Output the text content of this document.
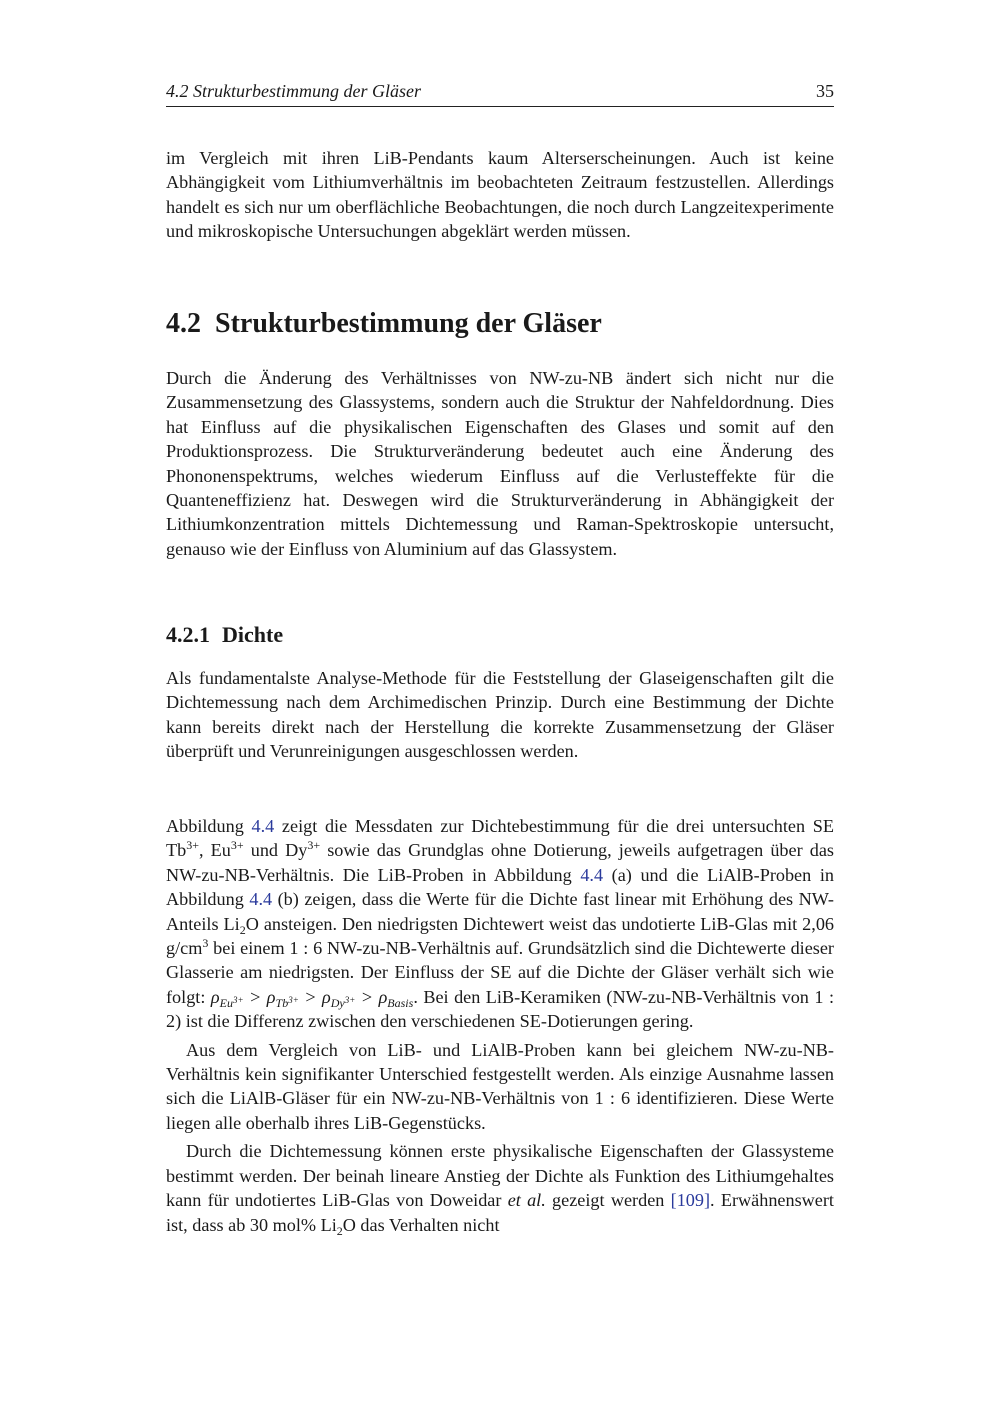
4.2 Strukturbestimmung der Gläser	35

im Vergleich mit ihren LiB-Pendants kaum Alterserscheinungen. Auch ist keine Abhängigkeit vom Lithiumverhältnis im beobachteten Zeitraum festzustellen. Allerdings handelt es sich nur um oberflächliche Beobachtungen, die noch durch Langzeitexperimente und mikroskopische Untersuchungen abgeklärt werden müssen.

4.2 Strukturbestimmung der Gläser

Durch die Änderung des Verhältnisses von NW-zu-NB ändert sich nicht nur die Zusammensetzung des Glassystems, sondern auch die Struktur der Nahfeldordnung. Dies hat Einfluss auf die physikalischen Eigenschaften des Glases und somit auf den Produktionsprozess. Die Strukturveränderung bedeutet auch eine Änderung des Phononenspektrums, welches wiederum Einfluss auf die Verlusteffekte für die Quanteneffizienz hat. Deswegen wird die Strukturveränderung in Abhängigkeit der Lithiumkonzentration mittels Dichtemessung und Raman-Spektroskopie untersucht, genauso wie der Einfluss von Aluminium auf das Glassystem.

4.2.1 Dichte

Als fundamentalste Analyse-Methode für die Feststellung der Glaseigenschaften gilt die Dichtemessung nach dem Archimedischen Prinzip. Durch eine Bestimmung der Dichte kann bereits direkt nach der Herstellung die korrekte Zusammensetzung der Gläser überprüft und Verunreinigungen ausgeschlossen werden.

Abbildung 4.4 zeigt die Messdaten zur Dichtebestimmung für die drei untersuchten SE $Tb^{3+}$, $Eu^{3+}$ und $Dy^{3+}$ sowie das Grundglas ohne Dotierung, jeweils aufgetragen über das NW-zu-NB-Verhältnis. Die LiB-Proben in Abbildung 4.4 (a) und die LiAlB-Proben in Abbildung 4.4 (b) zeigen, dass die Werte für die Dichte fast linear mit Erhöhung des NW-Anteils $Li_2O$ ansteigen. Den niedrigsten Dichtewert weist das undotierte LiB-Glas mit 2,06 $g/cm^3$ bei einem 1 : 6 NW-zu-NB-Verhältnis auf. Grundsätzlich sind die Dichtewerte dieser Glasserie am niedrigsten. Der Einfluss der SE auf die Dichte der Gläser verhält sich wie folgt: $\rho_{Eu^{3+}} > \rho_{Tb^{3+}} > \rho_{Dy^{3+}} > \rho_{Basis}$. Bei den LiB-Keramiken (NW-zu-NB-Verhältnis von 1 : 2) ist die Differenz zwischen den verschiedenen SE-Dotierungen gering.

Aus dem Vergleich von LiB- und LiAlB-Proben kann bei gleichem NW-zu-NB-Verhältnis kein signifikanter Unterschied festgestellt werden. Als einzige Ausnahme lassen sich die LiAlB-Gläser für ein NW-zu-NB-Verhältnis von 1 : 6 identifizieren. Diese Werte liegen alle oberhalb ihres LiB-Gegenstücks.

Durch die Dichtemessung können erste physikalische Eigenschaften der Glassysteme bestimmt werden. Der beinah lineare Anstieg der Dichte als Funktion des Lithiumgehaltes kann für undotiertes LiB-Glas von Doweidar et al. gezeigt werden [109]. Erwähnenswert ist, dass ab 30 mol% $Li_2O$ das Verhalten nicht
